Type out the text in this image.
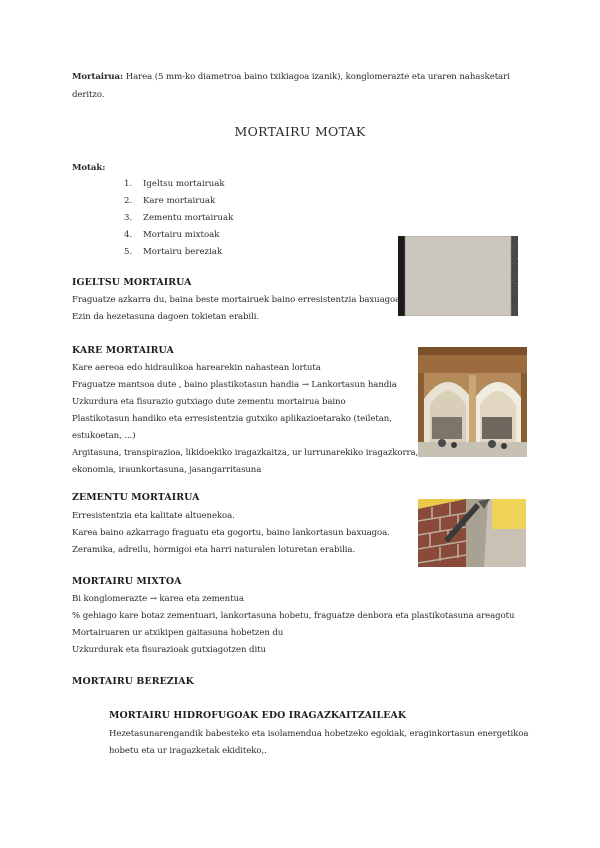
Mortairua: Harea (5 mm-ko diametroa baino txikiagoa izanik), konglomerazte eta uraren nahasketari
deritzo.
MORTAIRU MOTAK
Motak:
1. Igeltsu mortairuak
2. Kare mortairuak
3. Zementu mortairuak
4. Mortairu mixtoak
5. Mortairu bereziak
IGELTSU MORTAIRUA
Fraguatze azkarra du, baina beste mortairuek baino erresistentzia baxuagoa.
Ezin da hezetasuna dagoen tokietan erabili.
KARE MORTAIRUA
Kare aereoa edo hidraulikoa harearekin nahastean lortuta
Fraguatze mantsoa dute , baino plastikotasun handia → Lankortasun handia
Uzkurdura eta fisurazio gutxiago dute zementu mortairua baino
Plastikotasun handiko eta erresistentzia gutxiko aplikazioetarako (teiletan,
estukoetan, ...)
Argitasuna, transpirazioa, likidoekiko iragazkaitza, ur lurrunarekiko iragazkorra,
ekonomia, iraunkortasuna, jasangarritasuna
ZEMENTU MORTAIRUA
Erresistentzia eta kalitate altuenekoa.
Karea baino azkarrago fraguatu eta gogortu, baino lankortasun baxuagoa.
Zeramika, adreilu, hormigoi eta harri naturalen loturetan erabilia.
MORTAIRU MIXTOA
Bi konglomerazte → karea eta zementua
% gehiago kare botaz zementuari, lankortasuna hobetu, fraguatze denbora eta plastikotasuna areagotu
Mortairuaren ur atxikipen gaitasuna hobetzen du
Uzkurdurak eta fisurazioak gutxiagotzen ditu
MORTAIRU BEREZIAK
MORTAIRU HIDROFUGOAK EDO IRAGAZKAITZAILEAK
Hezetasunarengandik babesteko eta isolamendua hobetzeko egokiak, eraginkortasun energetikoa
hobetu eta ur iragazketak ekiditeko,.
